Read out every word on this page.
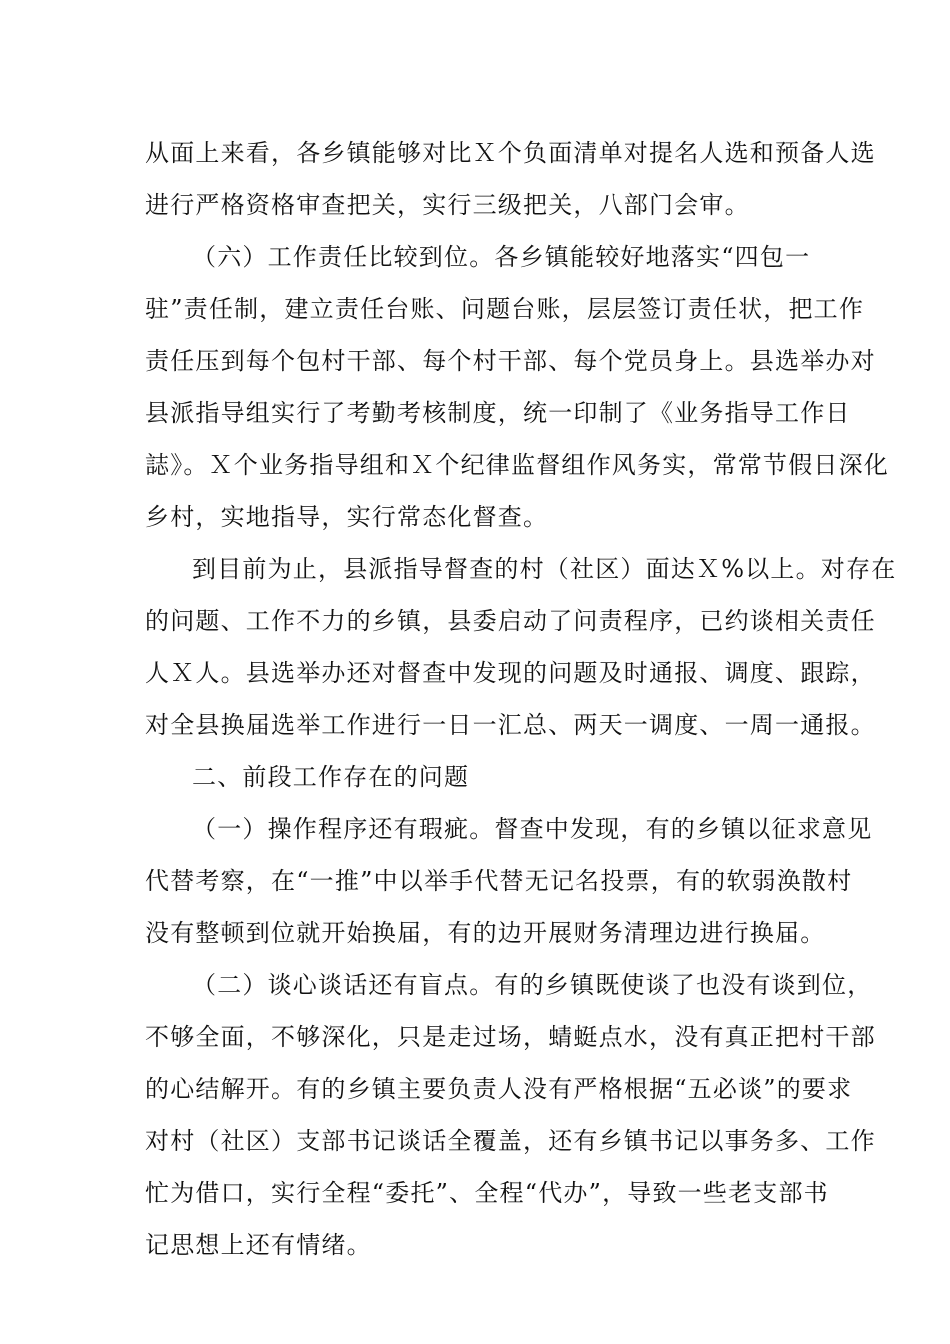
从面上来看，各乡镇能够对比Ｘ个负面清单对提名人选和预备人选
进行严格资格审查把关，实行三级把关，八部门会审。
（六）工作责任比较到位。各乡镇能较好地落实“四包一
驻”责任制，建立责任台账、问题台账，层层签订责任状，把工作
责任压到每个包村干部、每个村干部、每个党员身上。县选举办对
县派指导组实行了考勤考核制度，统一印制了《业务指导工作日
誌》。Ｘ个业务指导组和Ｘ个纪律监督组作风务实，常常节假日深化
乡村，实地指导，实行常态化督查。
到目前为止，县派指导督查的村（社区）面达Ｘ%以上。对存在
的问题、工作不力的乡镇，县委启动了问责程序，已约谈相关责任
人Ｘ人。县选举办还对督查中发现的问题及时通报、调度、跟踪，
对全县换届选举工作进行一日一汇总、两天一调度、一周一通报。
二、前段工作存在的问题
（一）操作程序还有瑕疵。督查中发现，有的乡镇以征求意见
代替考察，在“一推”中以举手代替无记名投票，有的软弱涣散村
没有整顿到位就开始换届，有的边开展财务清理边进行换届。
（二）谈心谈话还有盲点。有的乡镇既使谈了也没有谈到位，
不够全面，不够深化，只是走过场，蜻蜓点水，没有真正把村干部
的心结解开。有的乡镇主要负责人没有严格根据“五必谈”的要求
对村（社区）支部书记谈话全覆盖，还有乡镇书记以事务多、工作
忙为借口，实行全程“委托”、全程“代办”，导致一些老支部书
记思想上还有情绪。
